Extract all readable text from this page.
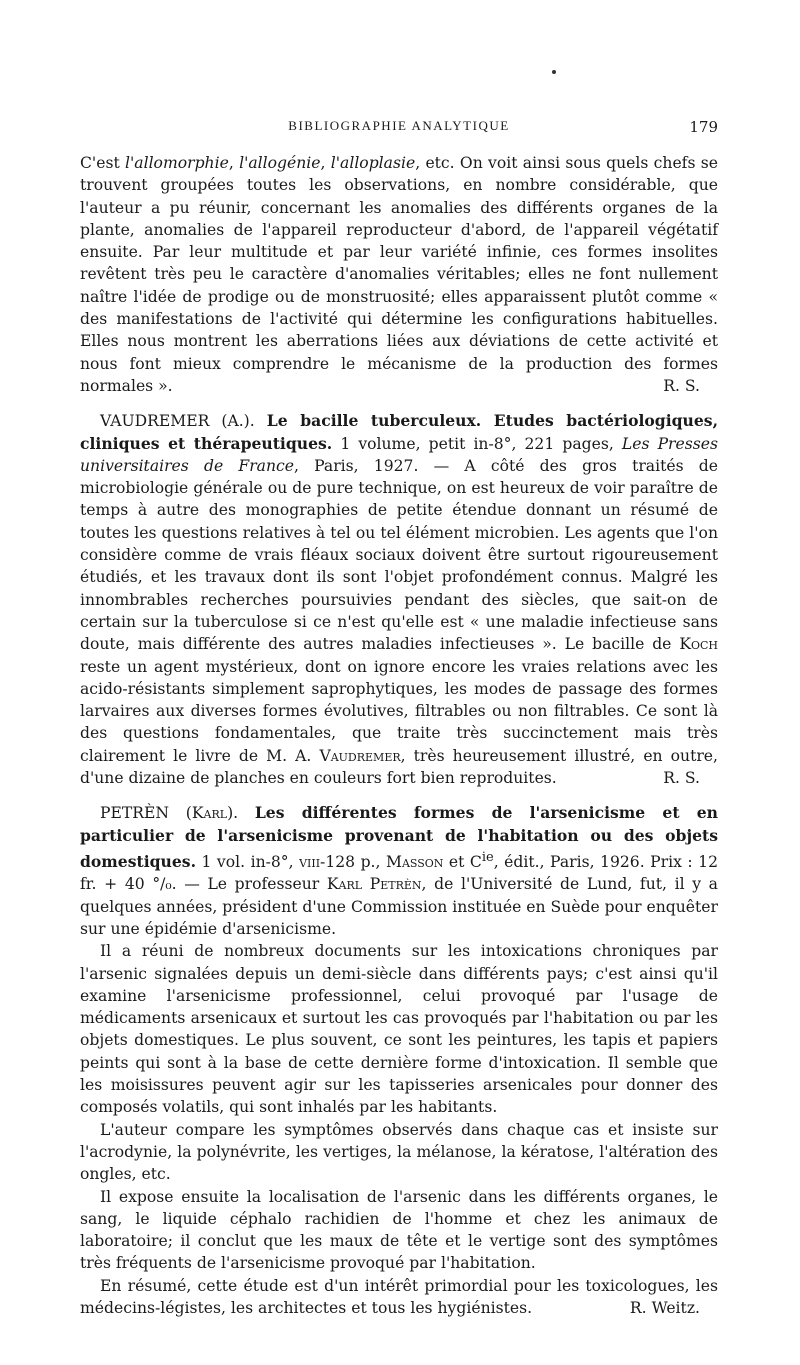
BIBLIOGRAPHIE ANALYTIQUE	179

C'est l'allomorphie, l'allogénie, l'alloplasie, etc. On voit ainsi sous quels chefs se trouvent groupées toutes les observations, en nombre considérable, que l'auteur a pu réunir, concernant les anomalies des différents organes de la plante, anomalies de l'appareil reproducteur d'abord, de l'appareil végétatif ensuite. Par leur multitude et par leur variété infinie, ces formes insolites revêtent très peu le caractère d'anomalies véritables; elles ne font nullement naître l'idée de prodige ou de monstruosité; elles apparaissent plutôt comme « des manifestations de l'activité qui détermine les configurations habituelles. Elles nous montrent les aberrations liées aux déviations de cette activité et nous font mieux comprendre le mécanisme de la production des formes normales ».	R. S.

VAUDREMER (A.). Le bacille tuberculeux. Etudes bactériologiques, cliniques et thérapeutiques. 1 volume, petit in-8°, 221 pages, Les Presses universitaires de France, Paris, 1927. — A côté des gros traités de microbiologie générale ou de pure technique, on est heureux de voir paraître de temps à autre des monographies de petite étendue donnant un résumé de toutes les questions relatives à tel ou tel élément microbien. Les agents que l'on considère comme de vrais fléaux sociaux doivent être surtout rigoureusement étudiés, et les travaux dont ils sont l'objet profondément connus. Malgré les innombrables recherches poursuivies pendant des siècles, que sait-on de certain sur la tuberculose si ce n'est qu'elle est « une maladie infectieuse sans doute, mais différente des autres maladies infectieuses ». Le bacille de Koch reste un agent mystérieux, dont on ignore encore les vraies relations avec les acido-résistants simplement saprophytiques, les modes de passage des formes larvaires aux diverses formes évolutives, filtrables ou non filtrables. Ce sont là des questions fondamentales, que traite très succinctement mais très clairement le livre de M. A. Vaudremer, très heureusement illustré, en outre, d'une dizaine de planches en couleurs fort bien reproduites.	R. S.

PETRÈN (Karl). Les différentes formes de l'arsenicisme et en particulier de l'arsenicisme provenant de l'habitation ou des objets domestiques. 1 vol. in-8°, viii-128 p., Masson et $C^{ie}$, édit., Paris, 1926. Prix : 12 fr. + 40 °/₀. — Le professeur Karl Petrèn, de l'Université de Lund, fut, il y a quelques années, président d'une Commission instituée en Suède pour enquêter sur une épidémie d'arsenicisme.

Il a réuni de nombreux documents sur les intoxications chroniques par l'arsenic signalées depuis un demi-siècle dans différents pays; c'est ainsi qu'il examine l'arsenicisme professionnel, celui provoqué par l'usage de médicaments arsenicaux et surtout les cas provoqués par l'habitation ou par les objets domestiques. Le plus souvent, ce sont les peintures, les tapis et papiers peints qui sont à la base de cette dernière forme d'intoxication. Il semble que les moisissures peuvent agir sur les tapisseries arsenicales pour donner des composés volatils, qui sont inhalés par les habitants.

L'auteur compare les symptômes observés dans chaque cas et insiste sur l'acrodynie, la polynévrite, les vertiges, la mélanose, la kératose, l'altération des ongles, etc.

Il expose ensuite la localisation de l'arsenic dans les différents organes, le sang, le liquide céphalo rachidien de l'homme et chez les animaux de laboratoire; il conclut que les maux de tête et le vertige sont des symptômes très fréquents de l'arsenicisme provoqué par l'habitation.

En résumé, cette étude est d'un intérêt primordial pour les toxicologues, les médecins-légistes, les architectes et tous les hygiénistes.	R. Weitz.
